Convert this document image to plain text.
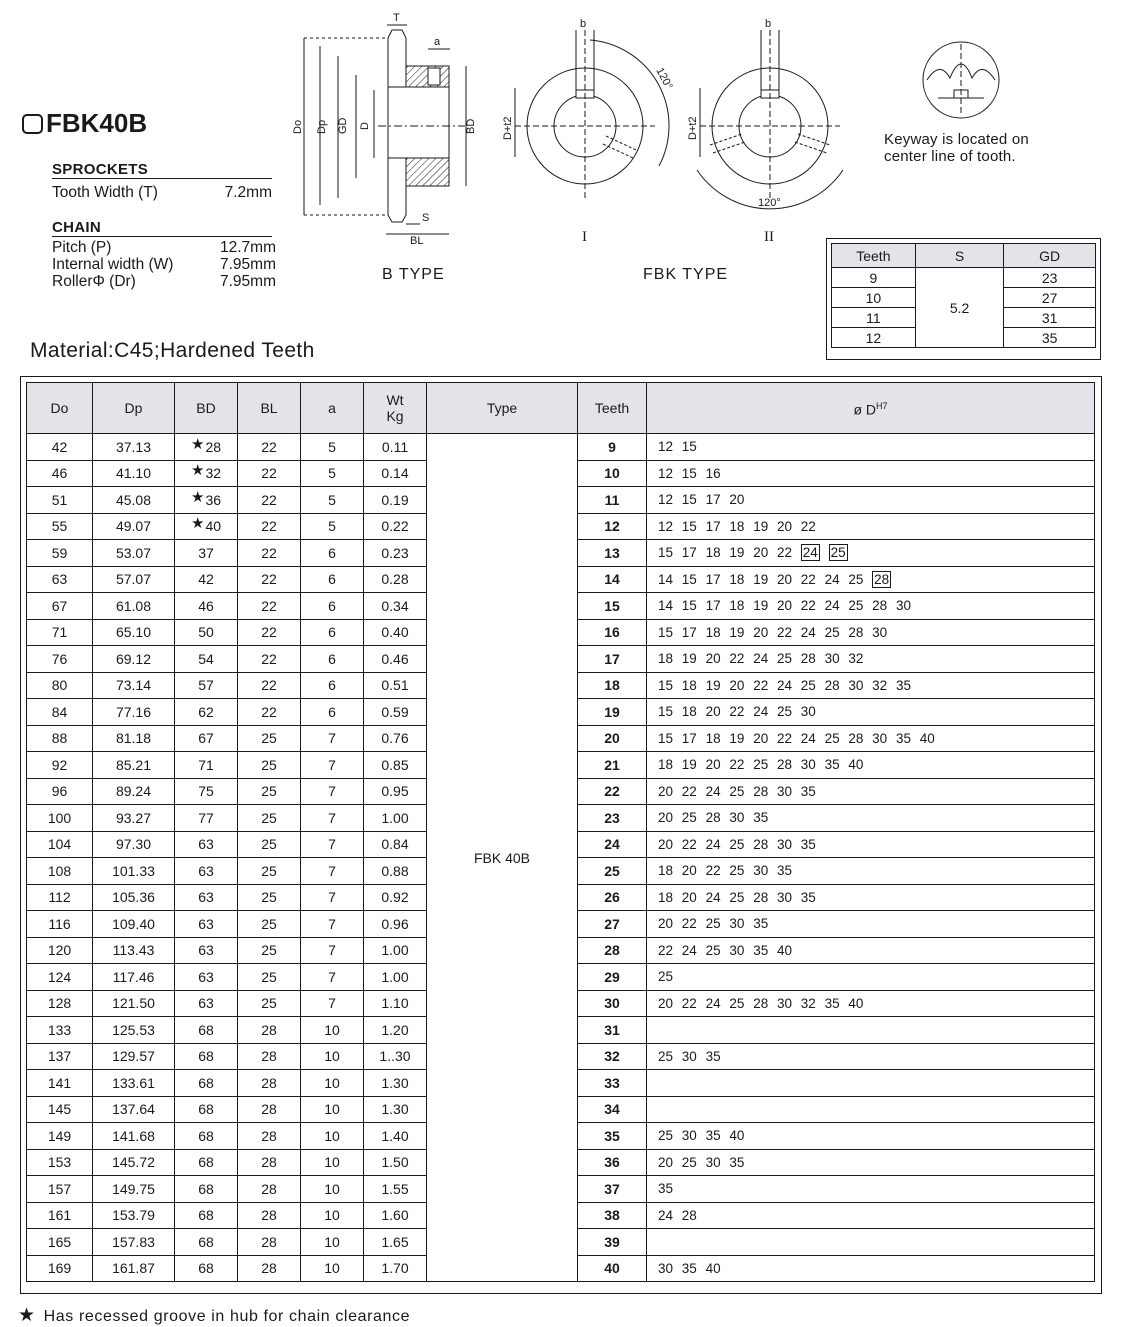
FBK40B
SPROCKETS
Tooth Width (T)	7.2mm
CHAIN
Pitch (P)	12.7mm
Internal width (W)	7.95mm
RollerΦ (Dr)	7.95mm
Material:C45;Hardened Teeth
T
a
b	b
S
BL
Do Dp GD D	BD D+t2	D+t2
120°
120°
I	II
B TYPE	FBK TYPE
Keyway is located on
center line of tooth.
Teeth	S	GD
9	5.2	23
10		27
11		31
12		35
Do	Dp	BD	BL	a	Wt
Kg	Type	Teeth	ø $D^{H7}$
42	37.13	★28	22	5	0.11	FBK 40B	9	12 15
46	41.10	★32	22	5	0.14		10	12 15 16
51	45.08	★36	22	5	0.19		11	12 15 17 20
55	49.07	★40	22	5	0.22		12	12 15 17 18 19 20 22
59	53.07	37	22	6	0.23		13	15 17 18 19 20 22 24 25
63	57.07	42	22	6	0.28		14	14 15 17 18 19 20 22 24 25 28
67	61.08	46	22	6	0.34		15	14 15 17 18 19 20 22 24 25 28 30
71	65.10	50	22	6	0.40		16	15 17 18 19 20 22 24 25 28 30
76	69.12	54	22	6	0.46		17	18 19 20 22 24 25 28 30 32
80	73.14	57	22	6	0.51		18	15 18 19 20 22 24 25 28 30 32 35
84	77.16	62	22	6	0.59		19	15 18 20 22 24 25 30
88	81.18	67	25	7	0.76		20	15 17 18 19 20 22 24 25 28 30 35 40
92	85.21	71	25	7	0.85		21	18 19 20 22 25 28 30 35 40
96	89.24	75	25	7	0.95		22	20 22 24 25 28 30 35
100	93.27	77	25	7	1.00		23	20 25 28 30 35
104	97.30	63	25	7	0.84		24	20 22 24 25 28 30 35
108	101.33	63	25	7	0.88		25	18 20 22 25 30 35
112	105.36	63	25	7	0.92		26	18 20 24 25 28 30 35
116	109.40	63	25	7	0.96		27	20 22 25 30 35
120	113.43	63	25	7	1.00		28	22 24 25 30 35 40
124	117.46	63	25	7	1.00		29	25
128	121.50	63	25	7	1.10		30	20 22 24 25 28 30 32 35 40
133	125.53	68	28	10	1.20		31	
137	129.57	68	28	10	1..30		32	25 30 35
141	133.61	68	28	10	1.30		33	
145	137.64	68	28	10	1.30		34	
149	141.68	68	28	10	1.40		35	25 30 35 40
153	145.72	68	28	10	1.50		36	20 25 30 35
157	149.75	68	28	10	1.55		37	35
161	153.79	68	28	10	1.60		38	24 28
165	157.83	68	28	10	1.65		39	
169	161.87	68	28	10	1.70		40	30 35 40
★ Has recessed groove in hub for chain clearance
